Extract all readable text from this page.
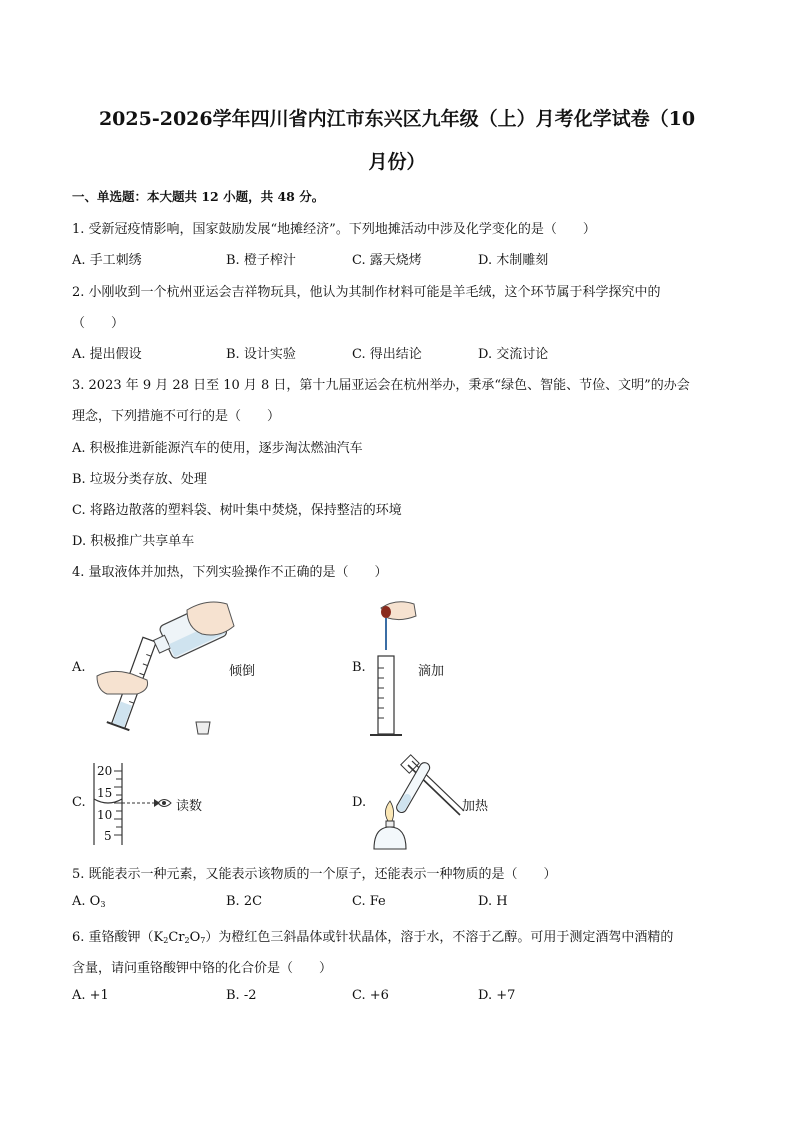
2025-2026学年四川省内江市东兴区九年级（上）月考化学试卷（10
月份）
一、单选题：本大题共 12 小题，共 48 分。
1. 受新冠疫情影响，国家鼓励发展“地摊经济”。下列地摊活动中涉及化学变化的是（　　）
A. 手工刺绣	B. 橙子榨汁	C. 露天烧烤	D. 木制雕刻
2. 小刚收到一个杭州亚运会吉祥物玩具，他认为其制作材料可能是羊毛绒，这个环节属于科学探究中的
（　　）
A. 提出假设	B. 设计实验	C. 得出结论	D. 交流讨论
3. 2023 年 9 月 28 日至 10 月 8 日，第十九届亚运会在杭州举办，秉承“绿色、智能、节俭、文明”的办会
理念，下列措施不可行的是（　　）
A. 积极推进新能源汽车的使用，逐步淘汰燃油汽车
B. 垃圾分类存放、处理
C. 将路边散落的塑料袋、树叶集中焚烧，保持整洁的环境
D. 积极推广共享单车
4. 量取液体并加热，下列实验操作不正确的是（　　）
A.	倾倒	B.	滴加
C.
20
15
10
5
读数	D.	加热
5. 既能表示一种元素，又能表示该物质的一个原子，还能表示一种物质的是（　　）
A. $O_3$	B. 2C	C. Fe	D. H
6. 重铬酸钾$(K_2Cr_2O_7)$为橙红色三斜晶体或针状晶体，溶于水，不溶于乙醇。可用于测定酒驾中酒精的
含量，请问重铬酸钾中铬的化合价是（　　）
A. +1	B. -2	C. +6	D. +7
